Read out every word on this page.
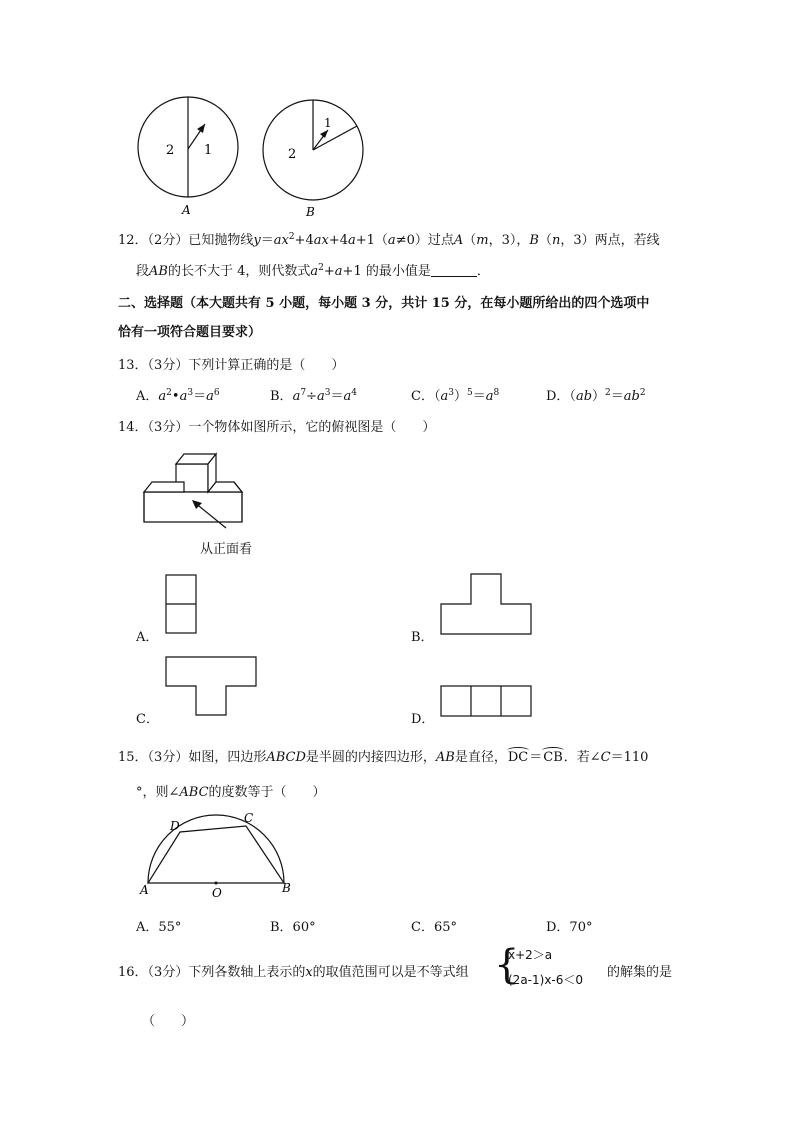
2 1
A
1
2
B
12．（2分）已知抛物线$y=ax^2+4ax+4a+1(a\ne 0)$过点A（m，3），B（n，3）两点，若线
段AB的长不大于 4，则代数式$a^2+a+1$ 的最小值是	．
二、选择题（本大题共有 5 小题，每小题 3 分，共计 15 分，在每小题所给出的四个选项中
恰有一项符合题目要求）
13．（3分）下列计算正确的是（　　）
A．$a^2•a^3=a^6$	B．$a^7\div a^3=a^4$	C．$(a^3)^5=a^8$	D．$(ab)^2=ab^2$
14．（3分）一个物体如图所示，它的俯视图是（　　）
从正面看
A．	B．
C．	D．
15．（3分）如图，四边形ABCD是半圆的内接四边形，AB是直径，DC＝CB．若∠C＝110
°，则∠ABC的度数等于（　　）
A	B
C
D
O
A．55°	B．60°	C．65°	D．70°
16．（3分）下列各数轴上表示的x的取值范围可以是不等式组 {
x+2＞a
(2a-1)x-6＜0 的解集的是
（　　）
